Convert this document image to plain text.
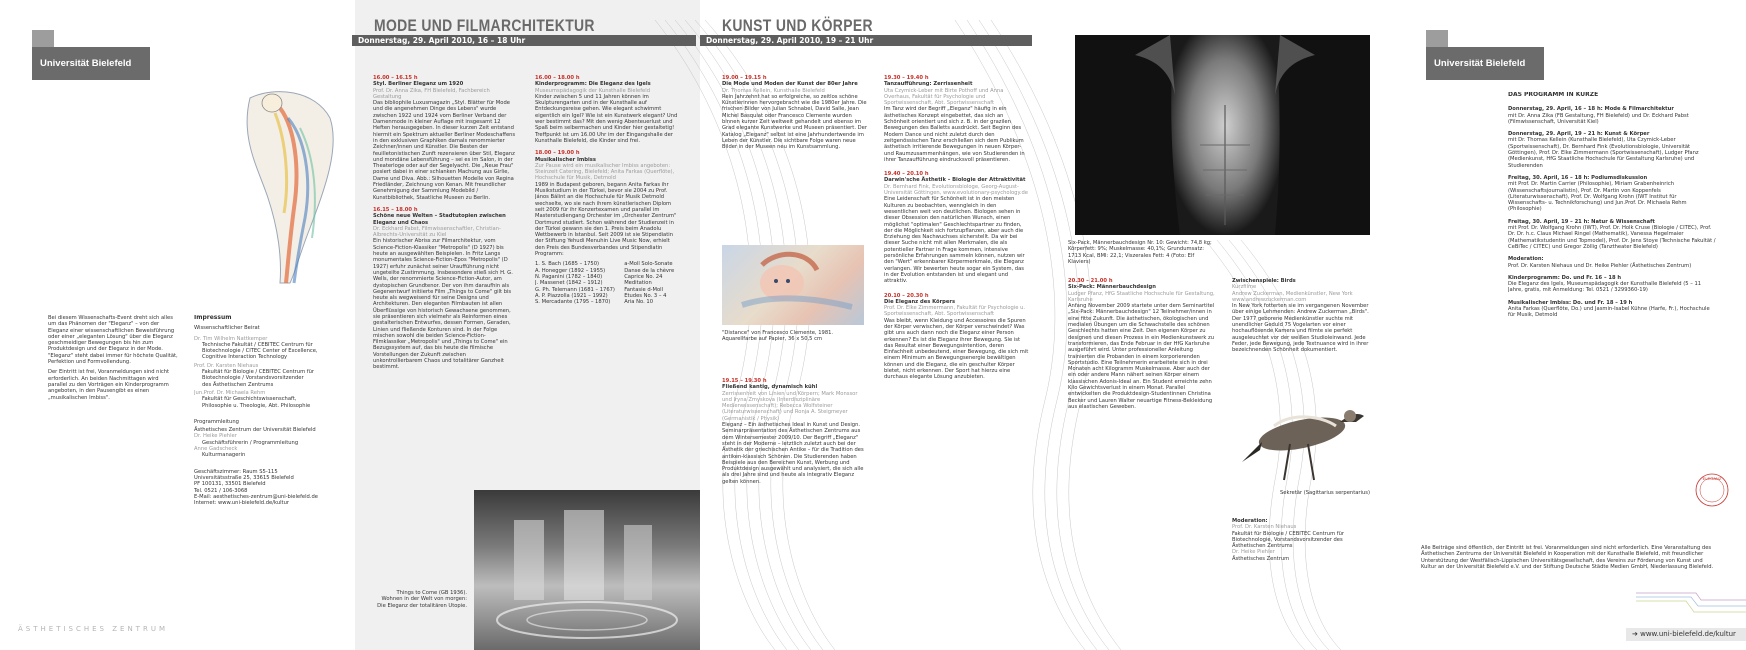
Universität Bielefeld

Bei diesem Wissenschafts-Event dreht sich alles um das Phänomen der "Eleganz" – von der Eleganz einer wissenschaftlichen Beweisführung oder einer „eleganten Lösung" über die Eleganz geschmeidiger Bewegungen bis hin zum Produktdesign und der Eleganz in der Mode. "Eleganz" steht dabei immer für höchste Qualität, Perfektion und Formvollendung.

Der Eintritt ist frei, Voranmeldungen sind nicht erforderlich. An beiden Nachmittagen wird parallel zu den Vorträgen ein Kinderprogramm angeboten, in den Pausengibt es einen „musikalischen Imbiss".

Impressum

Wissenschaftlicher Beirat

Dr. Tim Wilhelm Nattkemper
Technische Fakultät / CEBITEC Centrum für Biotechnologie / CITEC Center of Excellence,
Cognitive Interaction Technology
Prof. Dr. Karsten Niehaus
Fakultät für Biologie / CEBITEC Centrum für Biotechnologie / Vorstandsvorsitzender
des Ästhetischen Zentrums
Jun.Prof. Dr. Michaela Rehm
Fakultät für Geschichtswissenschaft,
Philosophie u. Theologie, Abt. Philosophie

Programmleitung

Ästhetisches Zentrum der Universität Bielefeld
Dr. Heike Piehler
Geschäftsführerin / Programmleitung
Anne Gadscheck
Kulturmanagerin
Geschäftszimmer: Raum S5-115
Universitätsstraße 25, 33615 Bielefeld
PF 100131, 33501 Bielefeld
Tel. 0521 / 106-3068
E-Mail: aesthetisches-zentrum@uni-bielefeld.de
Internet: www.uni-bielefeld.de/kultur
ÄSTHETISCHES ZENTRUM
MODE UND FILMARCHITEKTUR
Donnerstag, 29. April 2010, 16 – 18 Uhr
16.00 – 16.15 h
Styl. Berliner Eleganz um 1920
Prof. Dr. Anna Zika, FH Bielefeld, Fachbereich Gestaltung
Das bibliophile Luxusmagazin „Styl. Blätter für Mode und die angenehmen Dinge des Lebens" wurde zwischen 1922 und 1924 vom Berliner Verband der Damenmode in kleiner Auflage mit insgesamt 12 Heften herausgegeben. In dieser kurzen Zeit entstand hiermit ein Spektrum aktueller Berliner Modeschaffens in den exklusiven Graphiken damals renommierter Zeichner/innen und Künstler. Die Besten der feuilletonistischen Zunft rezensieren über Stil, Eleganz und mondäne Lebensführung – sei es im Salon, in der Theaterloge oder auf der Segelyacht. Die „Neue Frau" posiert dabei in einer schlanken Machung aus Girlie, Dame und Diva. Abb.: Silhouetten Modelle von Regina Friedländer, Zeichnung von Kenan. Mit freundlicher Genehmigung der Sammlung Modebild / Kunstbibliothek, Staatliche Museen zu Berlin.
16.15 – 18.00 h
Schöne neue Welten – Stadtutopien zwischen Eleganz und Chaos
Dr. Eckhard Pabst, Filmwissenschaftler, Christian-Albrechts-Universität zu Kiel
Ein historischer Abriss zur Filmarchitektur, vom Science-Fiction-Klassiker "Metropolis" (D 1927) bis heute an ausgewählten Beispielen. In Fritz Langs monumentales Science-Fiction-Epos "Metropolis" (D 1927) erfuhr zunächst seiner Uraufführung nicht ungeteilte Zustimmung. Insbesondere stieß sich H. G. Wells, der renommierte Science-Fiction-Autor, am dystopischen Grundtenor. Der von ihm daraufhin als Gegenentwurf initiierte Film „Things to Come" gilt bis heute als wegweisend für seine Designs und Architekturen. Den eleganten Filmbauten ist allen Überflüssige von historisch Gewachsene genommen, sie präsentieren sich vielmehr als Reinformen eines gestalterischen Entwurfes, dessen Formen, Geraden, Linien und fließende Konturen sind. In der Folge mischen sowohl die beiden Science-Fiction-Filmklassiker „Metropolis" und „Things to Come" ein Bezugssystem auf, das bis heute die filmische Vorstellungen der Zukunft zwischen unkontrollierbarem Chaos und totalitärer Ganzheit bestimmt.
16.00 – 18.00 h
Kinderprogramm: Die Eleganz des Igels
Museumspädagogik der Kunsthalle Bielefeld
Kinder zwischen 5 und 11 Jahren können im Skulpturengarten und in der Kunsthalle auf Entdeckungsreise gehen. Wie elegant schwimmt eigentlich ein Igel? Wie ist ein Kunstwerk elegant? Und wer bestimmt das? Mit den wenig Abenteuerlust und Spaß beim selbermachen und Kinder hier gestaltetig! Treffpunkt ist um 16.00 Uhr im der Eingangshalle der Kunsthalle Bielefeld, die Kinder sind frei.
18.00 – 19.00 h
Musikalischer Imbiss
Zur Pause wird ein musikalischer Imbiss angeboten: Steinzeit Catering, Bielefeld; Anita Farkas (Querflöte), Hochschule für Musik, Detmold
1989 in Budapest geboren, begann Anita Farkas ihr Musikstudium in der Türkei, bevor sie 2004 zu Prof. János Bálint an die Hochschule für Musik Detmold wechselte, wo sie nach ihrem künstlerischen Diplom seit 2009 für ihr Konzertexamen und parallel im Masterstudiengang Orchester im „Orchester Zentrum" Dortmund studiert. Schon während der Studienzeit in der Türkei gewann sie den 1. Preis beim Anadolu Wettbewerb in Istanbul. Seit 2009 ist sie Stipendiatin der Stiftung Yehudi Menuhin Live Music Now, erhielt den Preis des Bundesverbandes und Stipendiatin Programm:
1. S. Bach (1685 – 1750)	a-Moll Solo-Sonate
A. Honegger (1892 – 1955)	Danse de la chèvre
N. Paganini (1782 – 1840)	Caprice No. 24
J. Massenet (1842 – 1912)	Meditation
G. Ph. Telemann (1681 – 1767)	Fantasie d-Moll
A. P. Piazzolla (1921 – 1992)	Etudes No. 3 – 4
S. Mercadante (1795 – 1870)	Aria No. 10
Things to Come (GB 1936). Wohnen in der Welt von morgen: Die Eleganz der totalitären Utopie.
KUNST UND KÖRPER
Donnerstag, 29. April 2010, 19 – 21 Uhr
19.00 – 19.15 h
Die Mode und Moden der Kunst der 80er Jahre
Dr. Thomas Kellein, Kunsthalle Bielefeld
Rein Jahrzehnt hat so erfolgreiche, so zeitlos schöne Künstlerinnen hervorgebracht wie die 1980er Jahre. Die frischen Bilder von Julian Schnabel, David Salle, Jean Michel Basquiat oder Francesco Clemente wurden binnen kurzer Zeit weltweit gehandelt und ebenso im Grad elegante Kunstwerke und Museen präsentiert. Der Katalog „Eleganz" selbst ist eine Jahrhundertwende im Leben der Künstler. Die sichtbare Folge waren neue Bilder in der Museen neu im Kunstsammlung.
"Distance" von Francesco Clemente, 1981. Aquarellfarbe auf Papier, 36 x 50,5 cm
19.15 – 19.30 h
Fließend kantig, dynamisch kühl
Zerrissenheit von Linien und Körpern; Mark Monssor und Iryna Zmyskova (Interdisziplinäre Medienwissenschaft); Rebecca Wolfsteiner (Literaturwissenschaft) und Ronja A. Steigmeyer (Germanistik / Physik)
Eleganz – Ein ästhetisches Ideal in Kunst und Design. Seminarpräsentation des Ästhetischen Zentrums aus dem Wintersemester 2009/10. Der Begriff „Eleganz" steht in der Moderne – letztlich zuletzt auch bei der Ästhetik der griechischen Antike – für die Tradition des antiken-klassisch Schönen. Die Studierenden haben Beispiele aus den Bereichen Kunst, Werbung und Produktdesign ausgewählt und analysiert, die sich alle als drei Jahre sind und heute als integrativ Eleganz gelten können.
19.30 – 19.40 h
Tanzaufführung: Zerrissenheit
Uta Czymick-Leber mit Birte Pothoff und Anna Overhaus, Fakultät für Psychologie und Sportwissenschaft, Abt. Sportwissenschaft
Im Tanz wird der Begriff „Eleganz" häufig in ein ästhetisches Konzept eingebettet, das sich an Schönheit orientiert und sich z. B. in der grazilen Bewegungen des Balletts ausdrückt. Seit Beginn des Modern Dance und nicht zuletzt durch den zeitgenössischen Tanz erschließen sich dem Publikum ästhetisch irritierende Bewegungen in neuen Körper- und Raumzusammenhängen, wie von Studierenden in ihrer Tanzaufführung eindrucksvoll präsentieren.
19.40 – 20.10 h
Darwin'sche Ästhetik – Biologie der Attraktivität
Dr. Bernhard Fink, Evolutionsbiologe, Georg-August-Universität Göttingen, www.evolutionary-psychology.de
Eine Leidenschaft für Schönheit ist in den meisten Kulturen zu beobachten, wenngleich in den wesentlichen weit von deutlichen. Biologen sehen in dieser Obsession den natürlichen Wunsch, einen möglichst "optimalen" Geschlechtspartner zu finden, der die Möglichkeit sich fortzupflanzen, aber auch die Erziehung des Nachwuchses sicherstellt. Da wir bei dieser Suche nicht mit allen Merkmalen, die als potentieller Partner in Frage kommen, intensive persönliche Erfahrungen sammeln können, nutzen wir den "Wert" erkennbarer Körpermerkmale, die Eleganz verlangen. Wir bewerten heute sogar ein System, das in der Evolution entstanden ist und elegant und attraktiv.
20.10 – 20.30 h
Die Eleganz des Körpers
Prof. Dr. Elke Zimmermann, Fakultät für Psychologie u. Sportwissenschaft, Abt. Sportwissenschaft
Was bleibt, wenn Kleidung und Accessoires die Spuren der Körper verwischen, der Körper verschwindet? Was gibt uns auch dann noch die Eleganz einer Person erkennen? Es ist die Eleganz ihrer Bewegung. Sie ist das Resultat einer Bewegungsintention, deren Einfachheit unbedeutend, einer Bewegung, die sich mit einem Minimum an Bewegungsenergie bewältigen können und die Eleganz, die ein geschulter Körper bietet, nicht erkennen. Der Sport hat hierzu eine durchaus elegante Lösung anzubieten.
Six-Pack, Männerbauchdesign Nr. 10: Gewicht: 74,8 kg; Körperfett: 9%; Muskelmasse: 40,1%; Grundumsatz: 1713 Kcal, BMI: 22,1; Viszerales Fett: 4 (Foto: Elf Klaviers)
20.30 – 21.00 h
Six-Pack: Männerbauchdesign
Ludger Pfanz, HfG Staatliche Hochschule für Gestaltung, Karlsruhe
Anfang November 2009 startete unter dem Seminartitel „Six-Pack: Männerbauchdesign" 12 Teilnehmer/innen in eine fitte Zukunft. Die ästhetischen, ökologischen und medialen Übungen um die Schwachstelle des schönen Geschlechts hatten eine Zeit. Den eigenen Körper zu designen und diesen Prozess in ein Medienkunstwerk zu transformieren, das Ende Februar in der HfG Karlsruhe ausgeführt wird. Unter professioneller Anleitung trainierten die Probanden in einem korporierenden Sportstudio. Eine Teilnehmerin erarbeitete sich in drei Monaten acht Kilogramm Muskelmasse. Aber auch der ein oder andere Mann nähert seinen Körper einem klassischen Adonis-Ideal an. Ein Student erreichte zehn Kilo Gewichtsverlust in einem Monat. Parallel entwickelten die Produktdesign-Studentinnen Christina Becker und Lauren Walter neuartige Fitness-Bekleidung aus elastischen Geweben.
Zwischenspiele: Birds
Kurzfilme
Andrew Zuckerman, Medienkünstler, New York
www.andrewzuckerman.com
In New York fotterten sie im vergangenen November über einige Lehmenden: Andrew Zuckerman „Birds". Der 1977 geborene Medienkünstler suchte mit unendlicher Geduld 75 Vogelarten vor einer hochauflösende Kamera und filmte sie perfekt ausgeleuchtet vor der weißen Studioleinwand. Jede Feder, jede Bewegung, jede Textnuance wird in ihrer bezeichnenden Schönheit dokumentiert.
Sekretär (Sagittarius serpentarius)
Moderation:
Prof. Dr. Karsten Niehaus
Fakultät für Biologie / CEBITEC Centrum für Biotechnologie, Vorstandsvorsitzender des Ästhetischen Zentrums
Dr. Heike Piehler
Ästhetisches Zentrum
Universität Bielefeld
DAS PROGRAMM IN KÜRZE
Donnerstag, 29. April, 16 – 18 h: Mode & Filmarchitektur
mit Dr. Anna Zika (FB Gestaltung, FH Bielefeld) und Dr. Eckhard Pabst (Filmwissenschaft, Universität Kiel)
Donnerstag, 29. April, 19 – 21 h: Kunst & Körper
mit Dr. Thomas Kellein (Kunsthalle Bielefeld), Uta Czymick-Leber (Sportwissenschaft), Dr. Bernhard Fink (Evolutionsbiologie, Universität Göttingen), Prof. Dr. Elke Zimmermann (Sportwissenschaft), Ludger Pfanz (Medienkunst, HfG Staatliche Hochschule für Gestaltung Karlsruhe) und Studierenden
Freitag, 30. April, 16 – 18 h: Podiumsdiskussion
mit Prof. Dr. Martin Carrier (Philosophie), Miriam Grabenheinrich (Wissenschaftsjournalistin), Prof. Dr. Martin von Koppenfels (Literaturwissenschaft), Prof. Dr. Wolfgang Krohn (IWT Institut für Wissenschafts- u. Technikforschung) und Jun.Prof. Dr. Michaela Rehm (Philosophie)
Freitag, 30. April, 19 – 21 h: Natur & Wissenschaft
mit Prof. Dr. Wolfgang Krohn (IWT), Prof. Dr. Holk Cruse (Biologie / CITEC), Prof. Dr. Dr. h.c. Claus Michael Ringel (Mathematik), Vanessa Hegelmaier (Mathematikstudentin und Topmodel), Prof. Dr. Jens Stoye (Technische Fakultät / CeBiTec / CITEC) und Gregor Zöllig (Tanztheater Bielefeld)
Moderation:
Prof. Dr. Karsten Niehaus und Dr. Heike Piehler (Ästhetisches Zentrum)
Kinderprogramm: Do. und Fr. 16 – 18 h
Die Eleganz des Igels, Museumspädagogik der Kunsthalle Bielefeld (5 – 11 Jahre, gratis, mit Anmeldung: Tel. 0521 / 3299360-19)
Musikalischer Imbiss: Do. und Fr. 18 – 19 h
Anita Farkas (Querflöte, Do.) und Jasmin-Isabel Kühne (Harfe, Fr.), Hochschule für Musik, Detmold
ELEGANZ
Alle Beiträge sind öffentlich, der Eintritt ist frei. Voranmeldungen sind nicht erforderlich. Eine Veranstaltung des Ästhetischen Zentrums der Universität Bielefeld in Kooperation mit der Kunsthalle Bielefeld, mit freundlicher Unterstützung der Westfälisch-Lippischen Universitätsgesellschaft, des Vereins zur Förderung von Kunst und Kultur an der Universität Bielefeld e.V. und der Stiftung Deutsche Städte Medien GmbH, Niederlassung Bielefeld.
➔ www.uni-bielefeld.de/kultur
